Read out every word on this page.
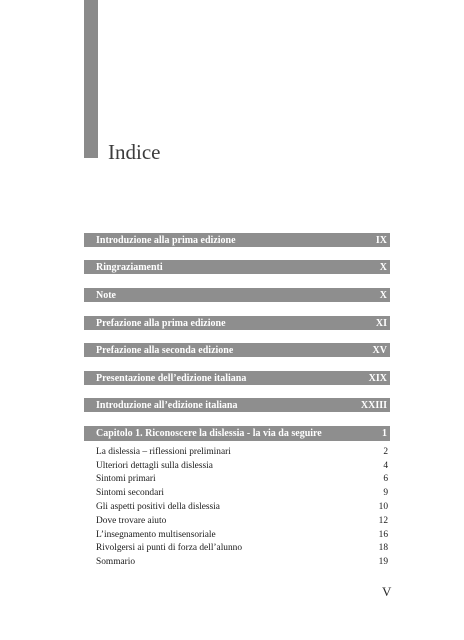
Indice
Introduzione alla prima edizione	IX
Ringraziamenti	X
Note	X
Prefazione alla prima edizione	XI
Prefazione alla seconda edizione	XV
Presentazione dell’edizione italiana	XIX
Introduzione all’edizione italiana	XXIII
Capitolo 1. Riconoscere la dislessia - la via da seguire	1
La dislessia – riflessioni preliminari	2
Ulteriori dettagli sulla dislessia	4
Sintomi primari	6
Sintomi secondari	9
Gli aspetti positivi della dislessia	10
Dove trovare aiuto	12
L’insegnamento multisensoriale	16
Rivolgersi ai punti di forza dell’alunno	18
Sommario	19
V
